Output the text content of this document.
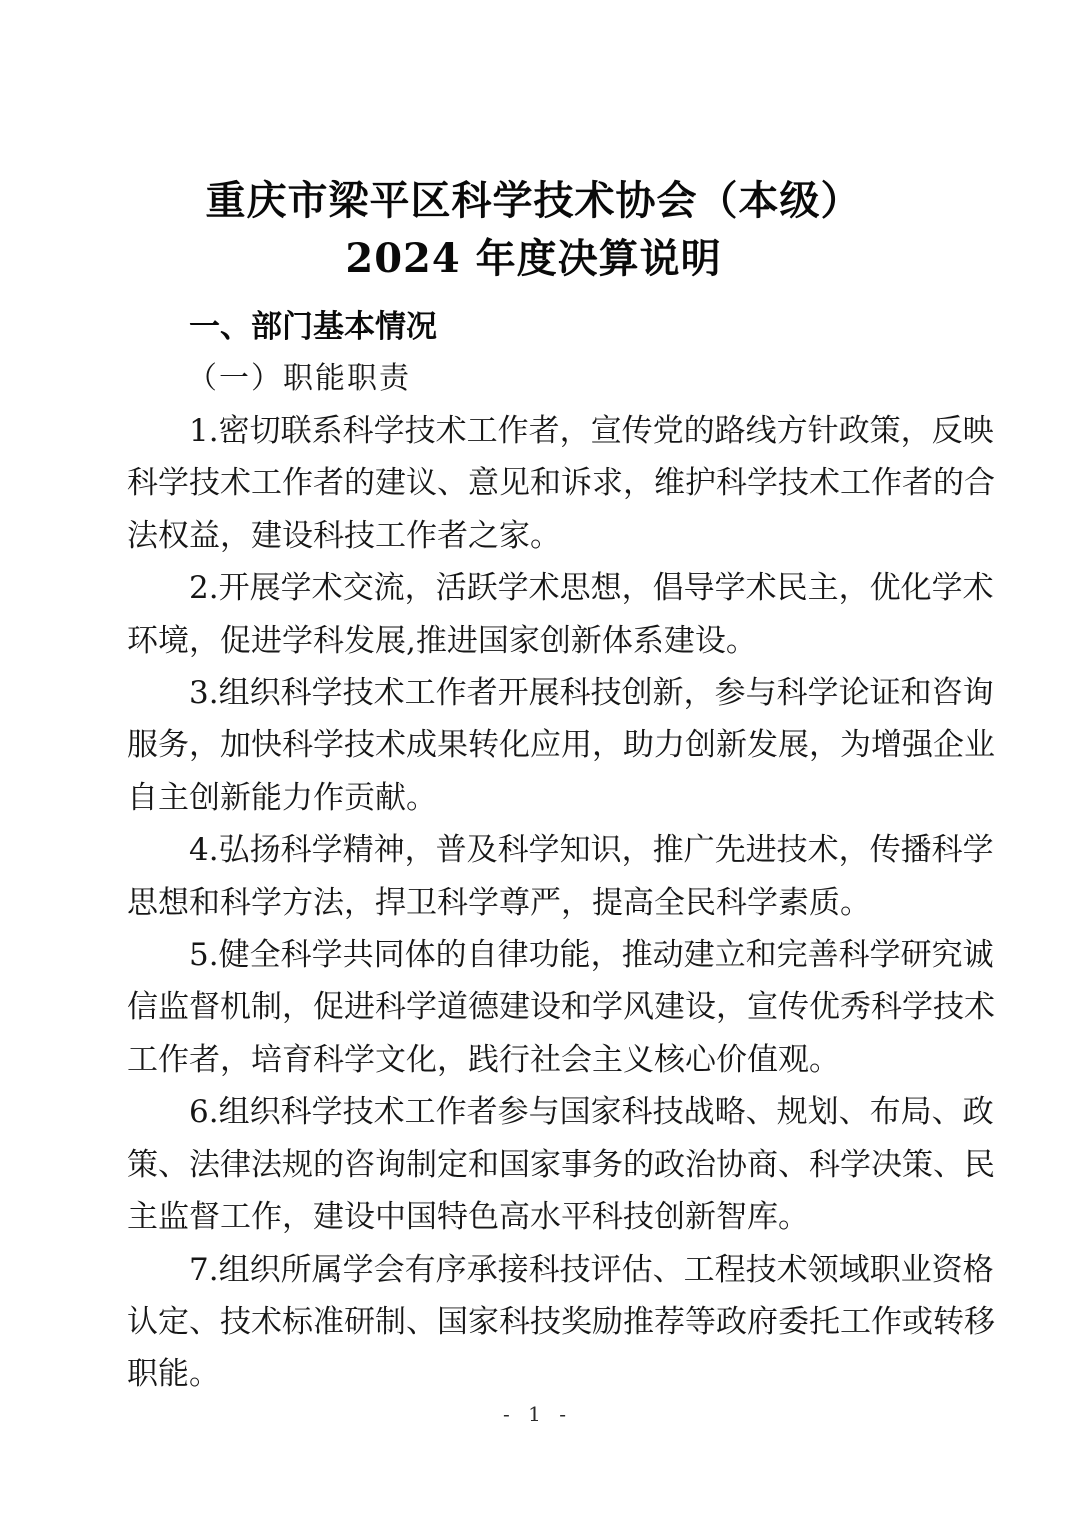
重庆市梁平区科学技术协会（本级）
2024 年度决算说明
一、部门基本情况
（一）职能职责
1.密切联系科学技术工作者，宣传党的路线方针政策，反映
科学技术工作者的建议、意见和诉求，维护科学技术工作者的合
法权益，建设科技工作者之家。
2.开展学术交流，活跃学术思想，倡导学术民主，优化学术
环境，促进学科发展,推进国家创新体系建设。
3.组织科学技术工作者开展科技创新，参与科学论证和咨询
服务，加快科学技术成果转化应用，助力创新发展，为增强企业
自主创新能力作贡献。
4.弘扬科学精神，普及科学知识，推广先进技术，传播科学
思想和科学方法，捍卫科学尊严，提高全民科学素质。
5.健全科学共同体的自律功能，推动建立和完善科学研究诚
信监督机制，促进科学道德建设和学风建设，宣传优秀科学技术
工作者，培育科学文化，践行社会主义核心价值观。
6.组织科学技术工作者参与国家科技战略、规划、布局、政
策、法律法规的咨询制定和国家事务的政治协商、科学决策、民
主监督工作，建设中国特色高水平科技创新智库。
7.组织所属学会有序承接科技评估、工程技术领域职业资格
认定、技术标准研制、国家科技奖励推荐等政府委托工作或转移
职能。
- 1 -
